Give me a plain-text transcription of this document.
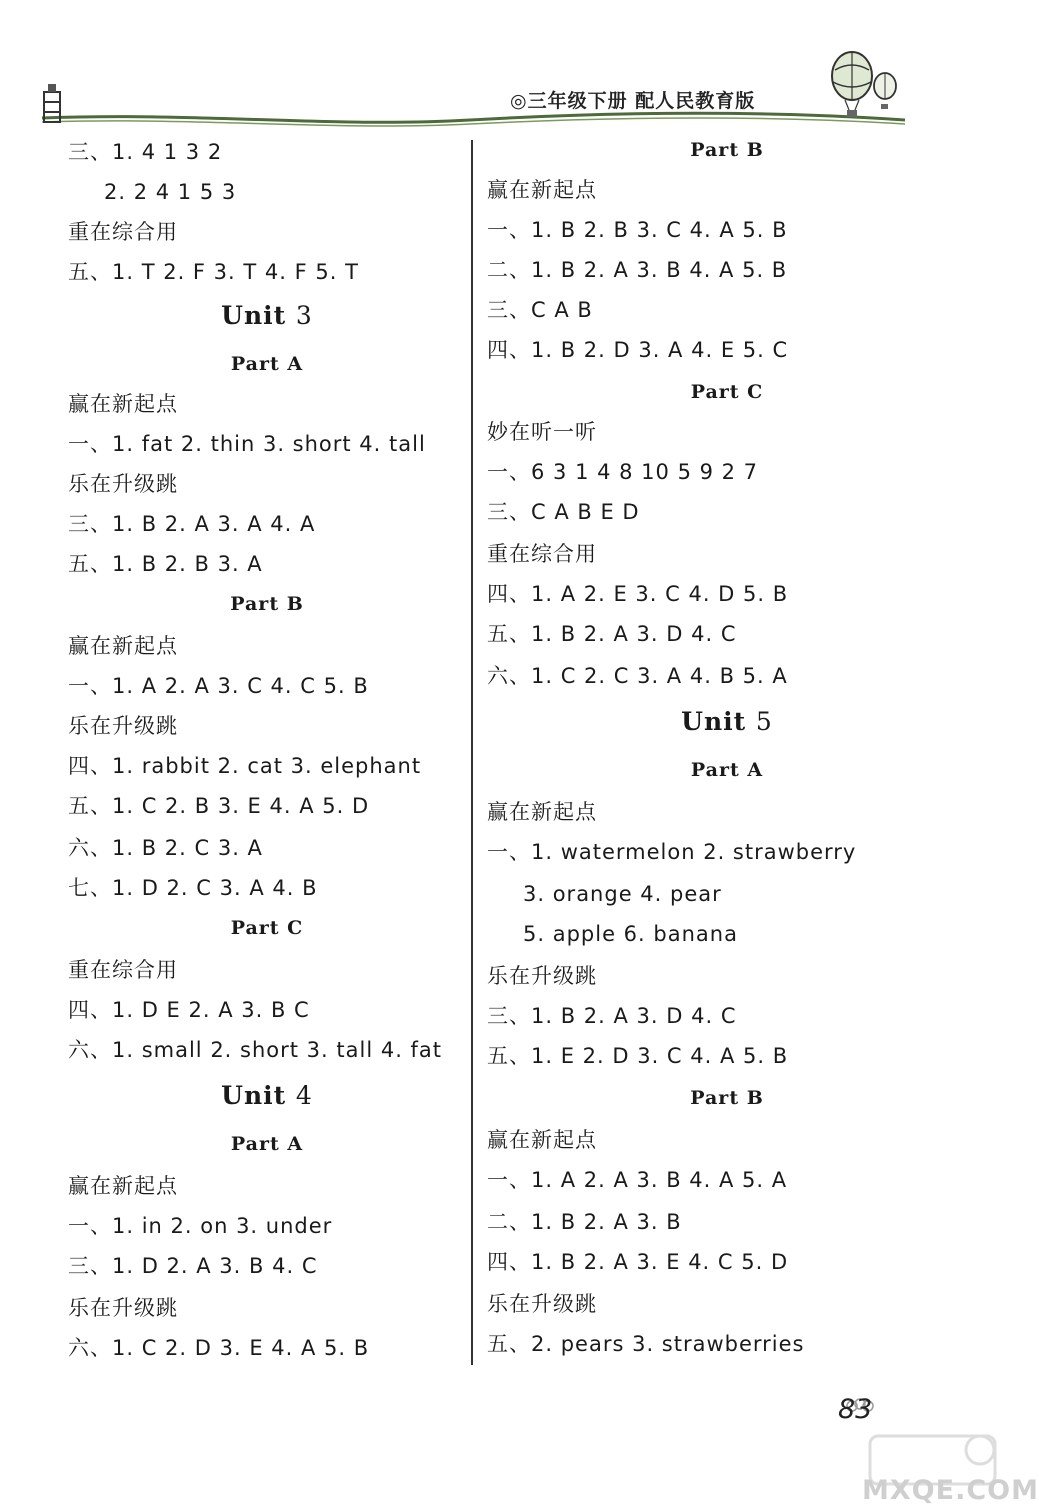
◎三年级下册 配人民教育版
三、1. 4 1 3 2
2. 2 4 1 5 3
重在综合用
五、1. T 2. F 3. T 4. F 5. T
Unit 3
Part A
赢在新起点
一、1. fat 2. thin 3. short 4. tall
乐在升级跳
三、1. B 2. A 3. A 4. A
五、1. B 2. B 3. A
Part B
赢在新起点
一、1. A 2. A 3. C 4. C 5. B
乐在升级跳
四、1. rabbit 2. cat 3. elephant
五、1. C 2. B 3. E 4. A 5. D
六、1. B 2. C 3. A
七、1. D 2. C 3. A 4. B
Part C
重在综合用
四、1. D E 2. A 3. B C
六、1. small 2. short 3. tall 4. fat
Unit 4
Part A
赢在新起点
一、1. in 2. on 3. under
三、1. D 2. A 3. B 4. C
乐在升级跳
六、1. C 2. D 3. E 4. A 5. B
Part B
赢在新起点
一、1. B 2. B 3. C 4. A 5. B
二、1. B 2. A 3. B 4. A 5. B
三、C A B
四、1. B 2. D 3. A 4. E 5. C
Part C
妙在听一听
一、6 3 1 4 8 10 5 9 2 7
三、C A B E D
重在综合用
四、1. A 2. E 3. C 4. D 5. B
五、1. B 2. A 3. D 4. C
六、1. C 2. C 3. A 4. B 5. A
Unit 5
Part A
赢在新起点
一、1. watermelon 2. strawberry
3. orange 4. pear
5. apple 6. banana
乐在升级跳
三、1. B 2. A 3. D 4. C
五、1. E 2. D 3. C 4. A 5. B
Part B
赢在新起点
一、1. A 2. A 3. B 4. A 5. A
二、1. B 2. A 3. B
四、1. B 2. A 3. E 4. C 5. D
乐在升级跳
五、2. pears 3. strawberries
83
MXQE.COM
